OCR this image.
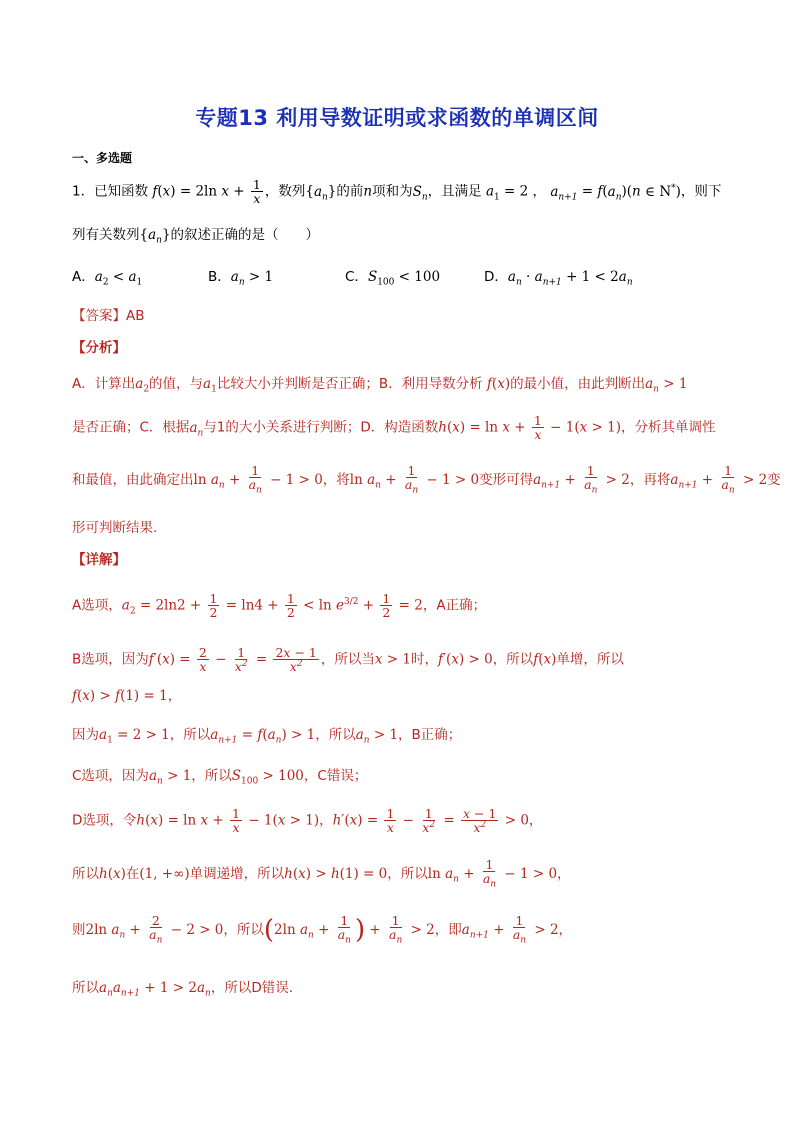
专题13 利用导数证明或求函数的单调区间
一、多选题
1．已知函数 f(x) = 2ln $x + \frac{1}{x}$ ，数列$\{a_n\}$的前n项和为$S_n$，且满足 $a_1 = 2$ ， $a_{n+1} = f(a_n)(n$ ∈ N*)，则下
列有关数列$\{a_n\}$的叙述正确的是（　　）
A．$a_2 < a_1$	B．$a_n > 1$	C．$S_{100} < 100$	D．$a_n \cdot a_{n+1} + 1 < 2a_n$
【答案】AB
【分析】
A．计算出$a_2$的值，与$a_1$比较大小并判断是否正确；B．利用导数分析 f(x)的最小值，由此判断出$a_n > 1$
是否正确；C．根据$a_n$与1的大小关系进行判断；D．构造函数$h(x) = \ln x + \frac{1}{x} - 1(x > 1)$，分析其单调性
和最值，由此确定出$\ln a_n + \frac{1}{a_n} - 1 > 0$，将$\ln a_n + \frac{1}{a_n} - 1 > 0$变形可得$a_{n+1} + \frac{1}{a_n} > 2$，再将$a_{n+1} + \frac{1}{a_n} > 2$变
形可判断结果.
【详解】
A选项，$a_2 = 2\ln 2 + \frac{1}{2} = \ln 4 + \frac{1}{2} < \ln e^{3/2} + \frac{1}{2} = 2$，A正确；
B选项，因为$f'(x) = \frac{2}{x} - \frac{1}{x^2} = \frac{2x - 1}{x^2}$ ，所以当x > 1时，f′(x) > 0，所以f(x)单增，所以
f(x) > f(1) = 1，
因为$a_1 = 2 > 1$，所以$a_{n+1} = f(a_n) > 1$，所以$a_n > 1$，B正确；
C选项，因为$a_n > 1$，所以$S_{100} > 100$，C错误；
D选项，令$h(x) = \ln x + \frac{1}{x} - 1(x > 1)$，$h'(x) = \frac{1}{x} - \frac{1}{x^2} = \frac{x - 1}{x^2} > 0$，
所以h(x)在(1, +∞)单调递增，所以h(x) > h(1) = 0，所以$\ln a_n + \frac{1}{a_n} - 1 > 0$，
则2ln $a_n + \frac{2}{a_n} - 2 > 0$，所以(2ln $a_n + \frac{1}{a_n}$ ) + $\frac{1}{a_n} > 2$，即$a_{n+1} + \frac{1}{a_n} > 2$，
所以$a_na_{n+1} + 1 > 2a_n$，所以D错误.
